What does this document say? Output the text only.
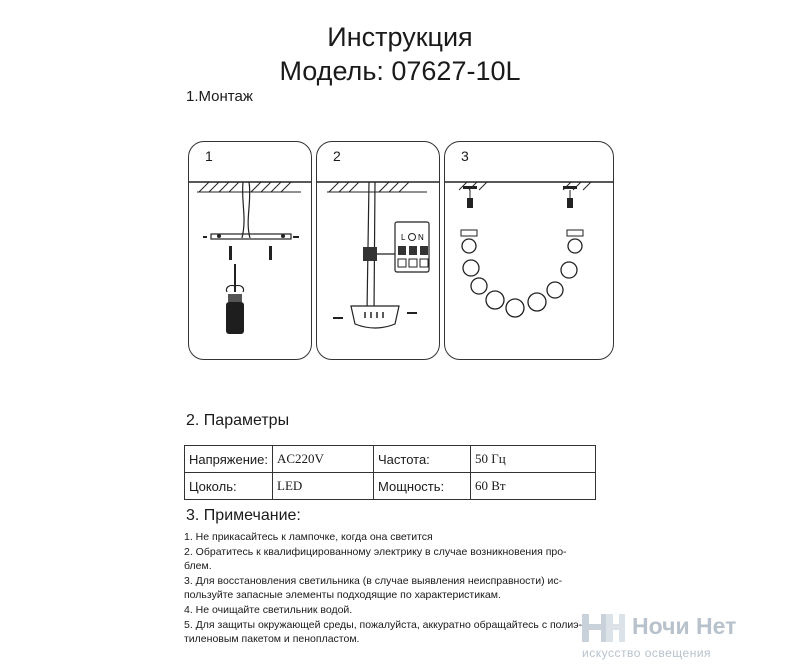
Инструкция
Модель: 07627-10L
1.Монтаж
1	2
L N
3
2. Параметры
Напряжение:	AC220V	Частота:	50 Гц
Цоколь:	LED	Мощность:	60 Вт
3. Примечание:
1. Не прикасайтесь к лампочке, когда она светится
2. Обратитесь к квалифицированному электрику в случае возникновения про-
блем.
3. Для восстановления светильника (в случае выявления неисправности) ис-
пользуйте запасные элементы подходящие по характеристикам.
4. Не очищайте светильник водой.
5. Для защиты окружающей среды, пожалуйста, аккуратно обращайтесь с полиэ-
тиленовым пакетом и пенопластом.
Ночи Нет
искусство освещения
